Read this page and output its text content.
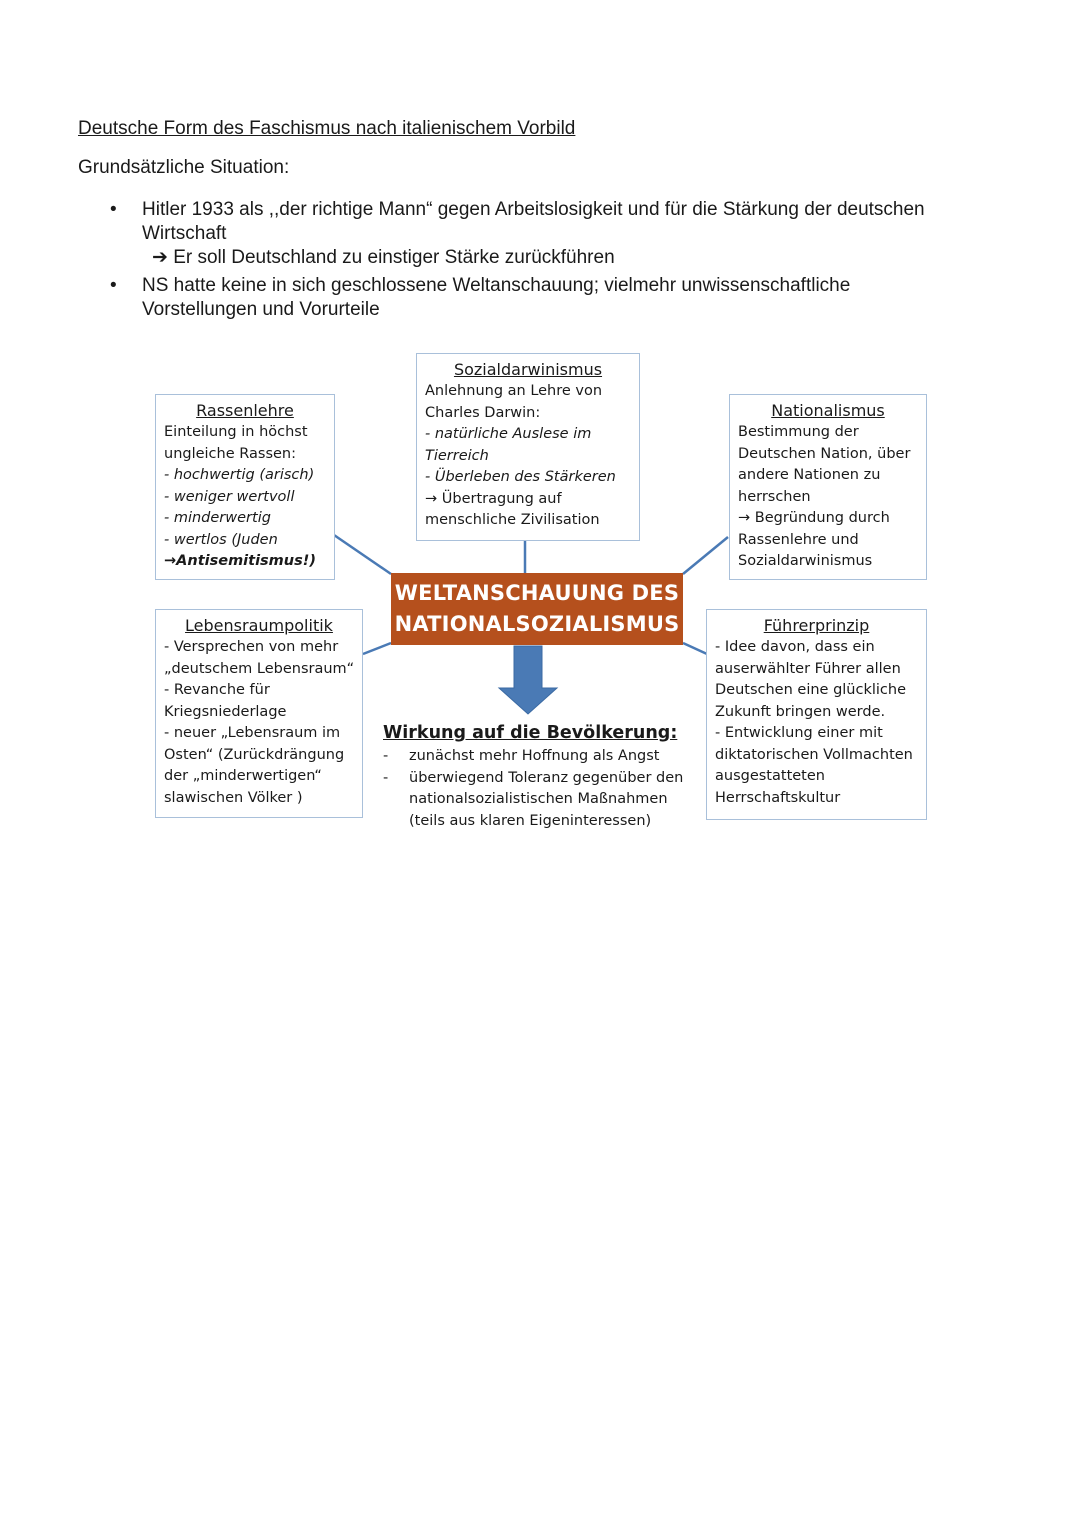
Deutsche Form des Faschismus nach italienischem Vorbild
Grundsätzliche Situation:
• Hitler 1933 als ,,der richtige Mann“ gegen Arbeitslosigkeit und für die Stärkung der deutschen
Wirtschaft
➔ Er soll Deutschland zu einstiger Stärke zurückführen
• NS hatte keine in sich geschlossene Weltanschauung; vielmehr unwissenschaftliche
Vorstellungen und Vorurteile
Sozialdarwinismus
Anlehnung an Lehre von
Charles Darwin:
- natürliche Auslese im
Tierreich
- Überleben des Stärkeren
→ Übertragung auf
menschliche Zivilisation
Rassenlehre
Einteilung in höchst
ungleiche Rassen:
- hochwertig (arisch)
- weniger wertvoll
- minderwertig
- wertlos (Juden
→Antisemitismus!)
Nationalismus
Bestimmung der
Deutschen Nation, über
andere Nationen zu
herrschen
→ Begründung durch
Rassenlehre und
Sozialdarwinismus
WELTANSCHAUUNG DES
NATIONALSOZIALISMUS
Lebensraumpolitik
- Versprechen von mehr
„deutschem Lebensraum“
- Revanche für
Kriegsniederlage
- neuer „Lebensraum im
Osten“ (Zurückdrängung
der „minderwertigen“
slawischen Völker )
Führerprinzip
- Idee davon, dass ein
auserwählter Führer allen
Deutschen eine glückliche
Zukunft bringen werde.
- Entwicklung einer mit
diktatorischen Vollmachten
ausgestatteten
Herrschaftskultur
Wirkung auf die Bevölkerung:
- zunächst mehr Hoffnung als Angst
- überwiegend Toleranz gegenüber den
nationalsozialistischen Maßnahmen
(teils aus klaren Eigeninteressen)
